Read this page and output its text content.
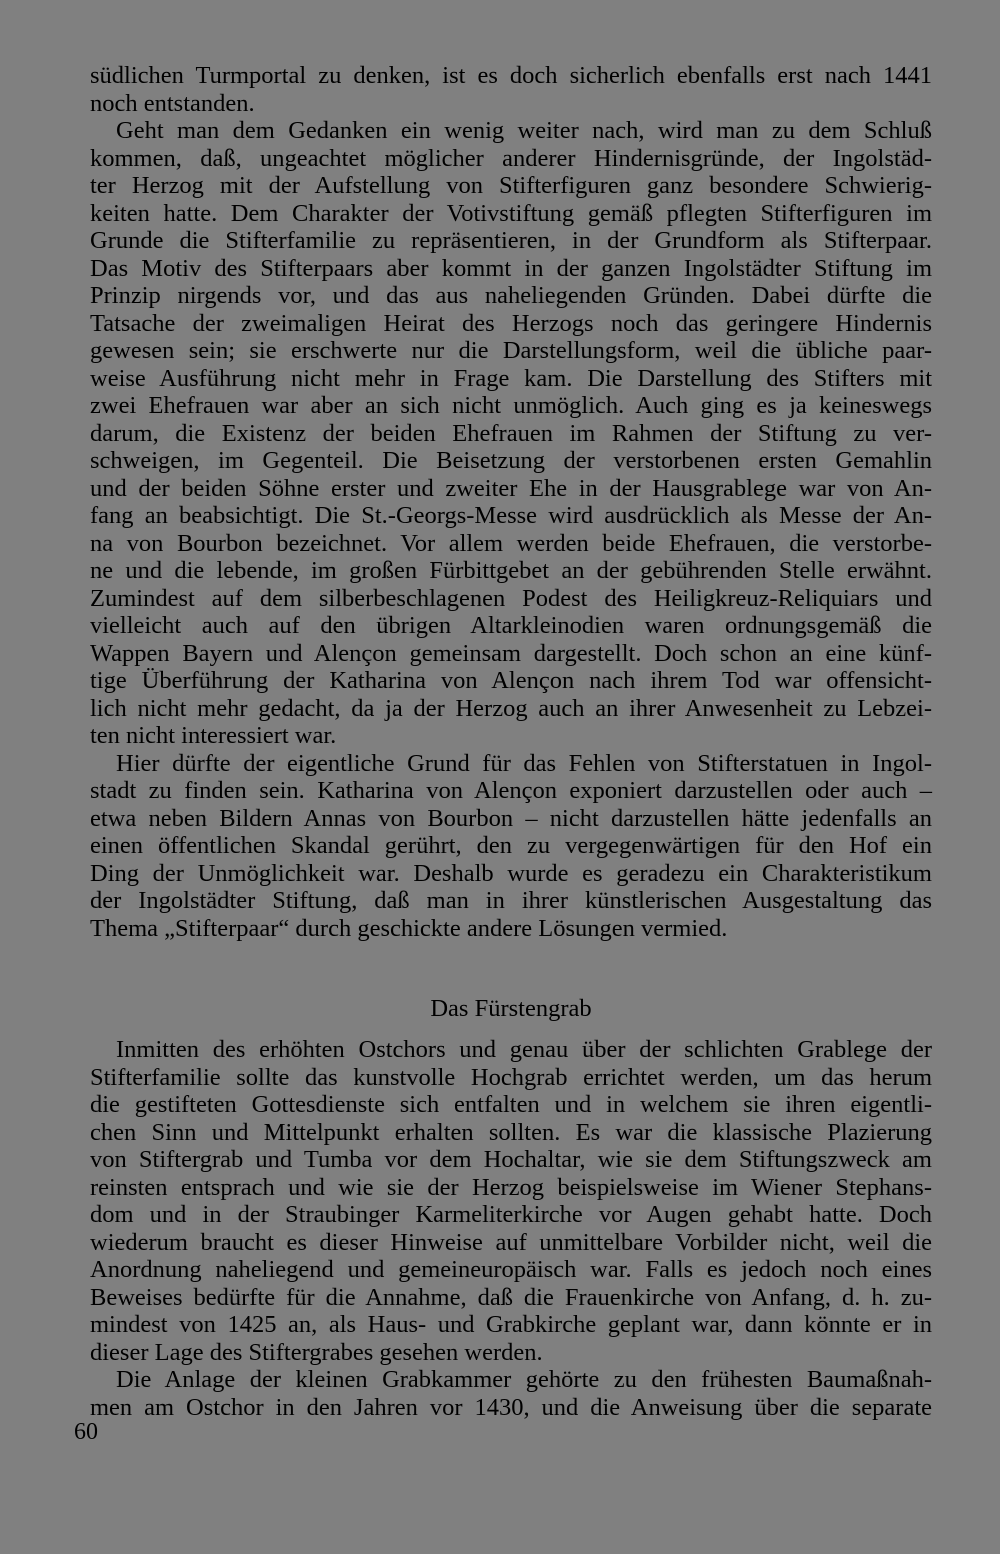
südlichen Turmportal zu denken, ist es doch sicherlich ebenfalls erst nach 1441
noch entstanden.
Geht man dem Gedanken ein wenig weiter nach, wird man zu dem Schluß
kommen, daß, ungeachtet möglicher anderer Hindernisgründe, der Ingolstäd-
ter Herzog mit der Aufstellung von Stifterfiguren ganz besondere Schwierig-
keiten hatte. Dem Charakter der Votivstiftung gemäß pflegten Stifterfiguren im
Grunde die Stifterfamilie zu repräsentieren, in der Grundform als Stifterpaar.
Das Motiv des Stifterpaars aber kommt in der ganzen Ingolstädter Stiftung im
Prinzip nirgends vor, und das aus naheliegenden Gründen. Dabei dürfte die
Tatsache der zweimaligen Heirat des Herzogs noch das geringere Hindernis
gewesen sein; sie erschwerte nur die Darstellungsform, weil die übliche paar-
weise Ausführung nicht mehr in Frage kam. Die Darstellung des Stifters mit
zwei Ehefrauen war aber an sich nicht unmöglich. Auch ging es ja keineswegs
darum, die Existenz der beiden Ehefrauen im Rahmen der Stiftung zu ver-
schweigen, im Gegenteil. Die Beisetzung der verstorbenen ersten Gemahlin
und der beiden Söhne erster und zweiter Ehe in der Hausgrablege war von An-
fang an beabsichtigt. Die St.-Georgs-Messe wird ausdrücklich als Messe der An-
na von Bourbon bezeichnet. Vor allem werden beide Ehefrauen, die verstorbe-
ne und die lebende, im großen Fürbittgebet an der gebührenden Stelle erwähnt.
Zumindest auf dem silberbeschlagenen Podest des Heiligkreuz-Reliquiars und
vielleicht auch auf den übrigen Altarkleinodien waren ordnungsgemäß die
Wappen Bayern und Alençon gemeinsam dargestellt. Doch schon an eine künf-
tige Überführung der Katharina von Alençon nach ihrem Tod war offensicht-
lich nicht mehr gedacht, da ja der Herzog auch an ihrer Anwesenheit zu Lebzei-
ten nicht interessiert war.
Hier dürfte der eigentliche Grund für das Fehlen von Stifterstatuen in Ingol-
stadt zu finden sein. Katharina von Alençon exponiert darzustellen oder auch –
etwa neben Bildern Annas von Bourbon – nicht darzustellen hätte jedenfalls an
einen öffentlichen Skandal gerührt, den zu vergegenwärtigen für den Hof ein
Ding der Unmöglichkeit war. Deshalb wurde es geradezu ein Charakteristikum
der Ingolstädter Stiftung, daß man in ihrer künstlerischen Ausgestaltung das
Thema „Stifterpaar“ durch geschickte andere Lösungen vermied.
Das Fürstengrab
Inmitten des erhöhten Ostchors und genau über der schlichten Grablege der
Stifterfamilie sollte das kunstvolle Hochgrab errichtet werden, um das herum
die gestifteten Gottesdienste sich entfalten und in welchem sie ihren eigentli-
chen Sinn und Mittelpunkt erhalten sollten. Es war die klassische Plazierung
von Stiftergrab und Tumba vor dem Hochaltar, wie sie dem Stiftungszweck am
reinsten entsprach und wie sie der Herzog beispielsweise im Wiener Stephans-
dom und in der Straubinger Karmeliterkirche vor Augen gehabt hatte. Doch
wiederum braucht es dieser Hinweise auf unmittelbare Vorbilder nicht, weil die
Anordnung naheliegend und gemeineuropäisch war. Falls es jedoch noch eines
Beweises bedürfte für die Annahme, daß die Frauenkirche von Anfang, d. h. zu-
mindest von 1425 an, als Haus- und Grabkirche geplant war, dann könnte er in
dieser Lage des Stiftergrabes gesehen werden.
Die Anlage der kleinen Grabkammer gehörte zu den frühesten Baumaßnah-
men am Ostchor in den Jahren vor 1430, und die Anweisung über die separate
60
